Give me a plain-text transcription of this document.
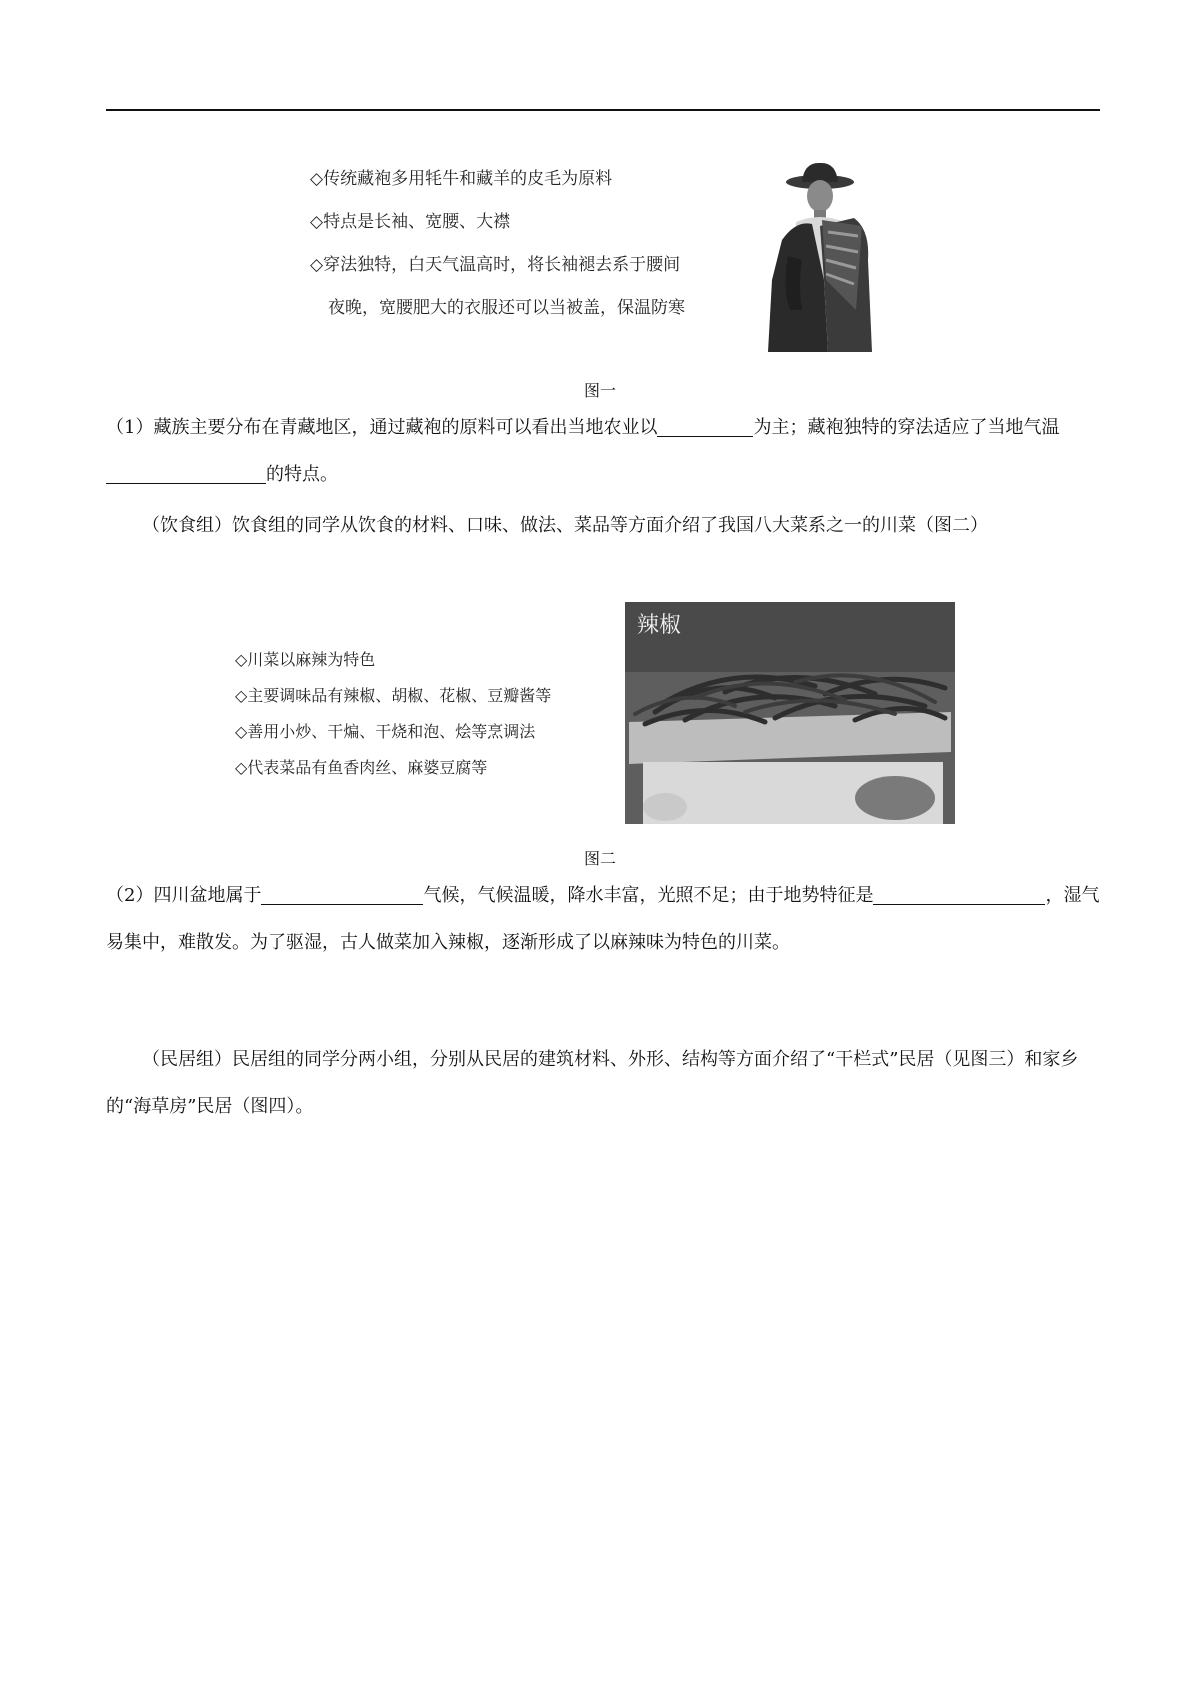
◇传统藏袍多用牦牛和藏羊的皮毛为原料
◇特点是长袖、宽腰、大襟
◇穿法独特，白天气温高时，将长袖褪去系于腰间
夜晚，宽腰肥大的衣服还可以当被盖，保温防寒
图一
（1）藏族主要分布在青藏地区，通过藏袍的原料可以看出当地农业以	为主；藏袍独特的穿法适应了当地气温的特点。
（饮食组）饮食组的同学从饮食的材料、口味、做法、菜品等方面介绍了我国八大菜系之一的川菜（图二）
◇川菜以麻辣为特色
◇主要调味品有辣椒、胡椒、花椒、豆瓣酱等
◇善用小炒、干煸、干烧和泡、烩等烹调法
◇代表菜品有鱼香肉丝、麻婆豆腐等
辣椒
图二
（2）四川盆地属于	气候，气候温暖，降水丰富，光照不足；由于地势特征是	，湿气易集中，难散发。为了驱湿，古人做菜加入辣椒，逐渐形成了以麻辣味为特色的川菜。
（民居组）民居组的同学分两小组，分别从民居的建筑材料、外形、结构等方面介绍了“干栏式”民居（见图三）和家乡的“海草房”民居（图四）。
